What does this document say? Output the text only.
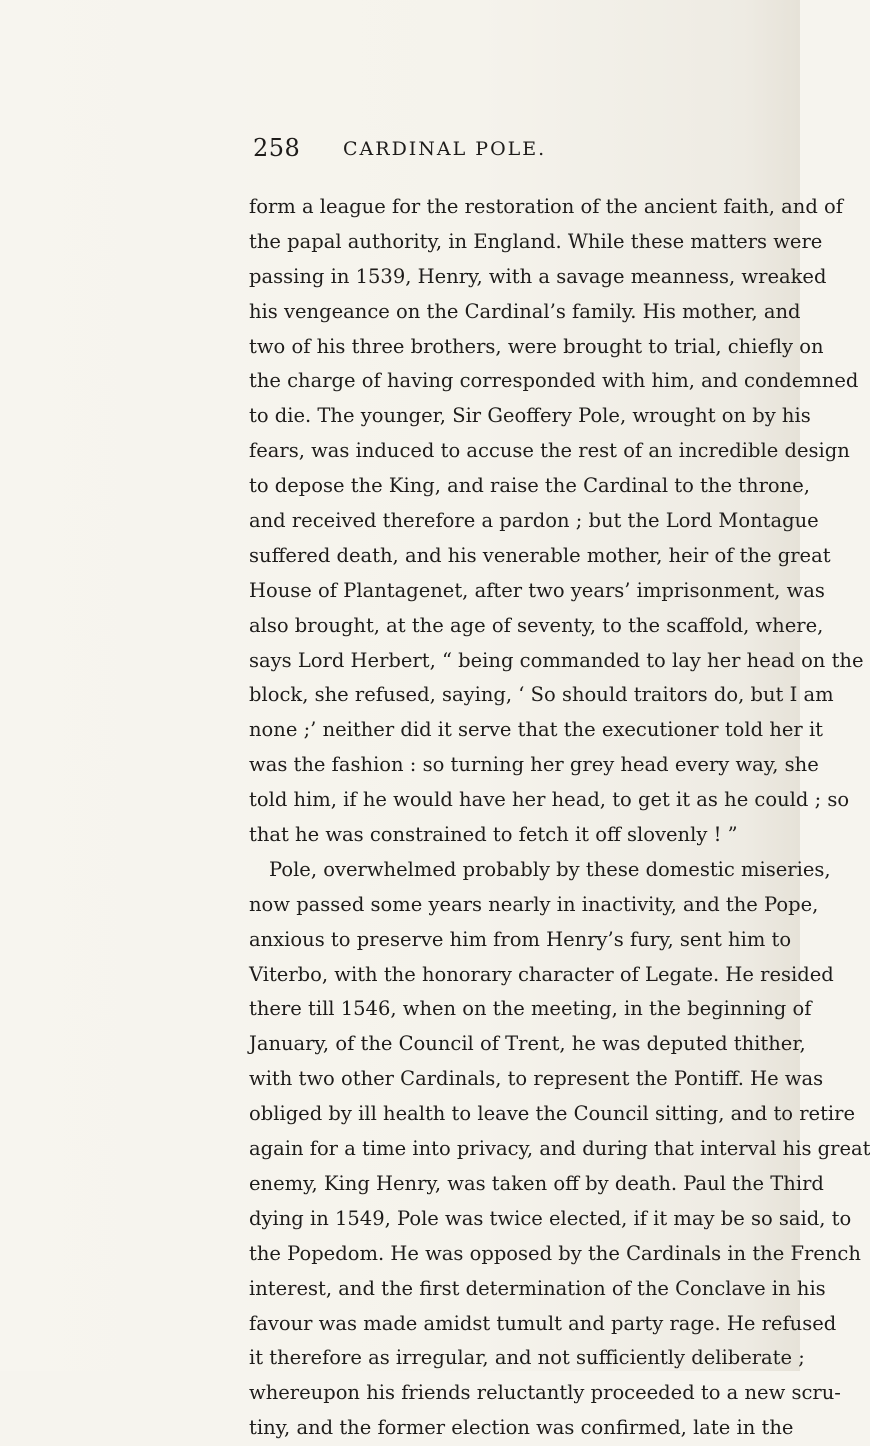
258 CARDINAL POLE.
form a league for the restoration of the ancient faith, and of
the papal authority, in England. While these matters were
passing in 1539, Henry, with a savage meanness, wreaked
his vengeance on the Cardinal’s family. His mother, and
two of his three brothers, were brought to trial, chiefly on
the charge of having corresponded with him, and condemned
to die. The younger, Sir Geoffery Pole, wrought on by his
fears, was induced to accuse the rest of an incredible design
to depose the King, and raise the Cardinal to the throne,
and received therefore a pardon ; but the Lord Montague
suffered death, and his venerable mother, heir of the great
House of Plantagenet, after two years’ imprisonment, was
also brought, at the age of seventy, to the scaffold, where,
says Lord Herbert, “ being commanded to lay her head on the
block, she refused, saying, ‘ So should traitors do, but I am
none ;’ neither did it serve that the executioner told her it
was the fashion : so turning her grey head every way, she
told him, if he would have her head, to get it as he could ; so
that he was constrained to fetch it off slovenly ! ”
Pole, overwhelmed probably by these domestic miseries,
now passed some years nearly in inactivity, and the Pope,
anxious to preserve him from Henry’s fury, sent him to
Viterbo, with the honorary character of Legate. He resided
there till 1546, when on the meeting, in the beginning of
January, of the Council of Trent, he was deputed thither,
with two other Cardinals, to represent the Pontiff. He was
obliged by ill health to leave the Council sitting, and to retire
again for a time into privacy, and during that interval his great
enemy, King Henry, was taken off by death. Paul the Third
dying in 1549, Pole was twice elected, if it may be so said, to
the Popedom. He was opposed by the Cardinals in the French
interest, and the first determination of the Conclave in his
favour was made amidst tumult and party rage. He refused
it therefore as irregular, and not sufficiently deliberate ;
whereupon his friends reluctantly proceeded to a new scru-
tiny, and the former election was confirmed, late in the
